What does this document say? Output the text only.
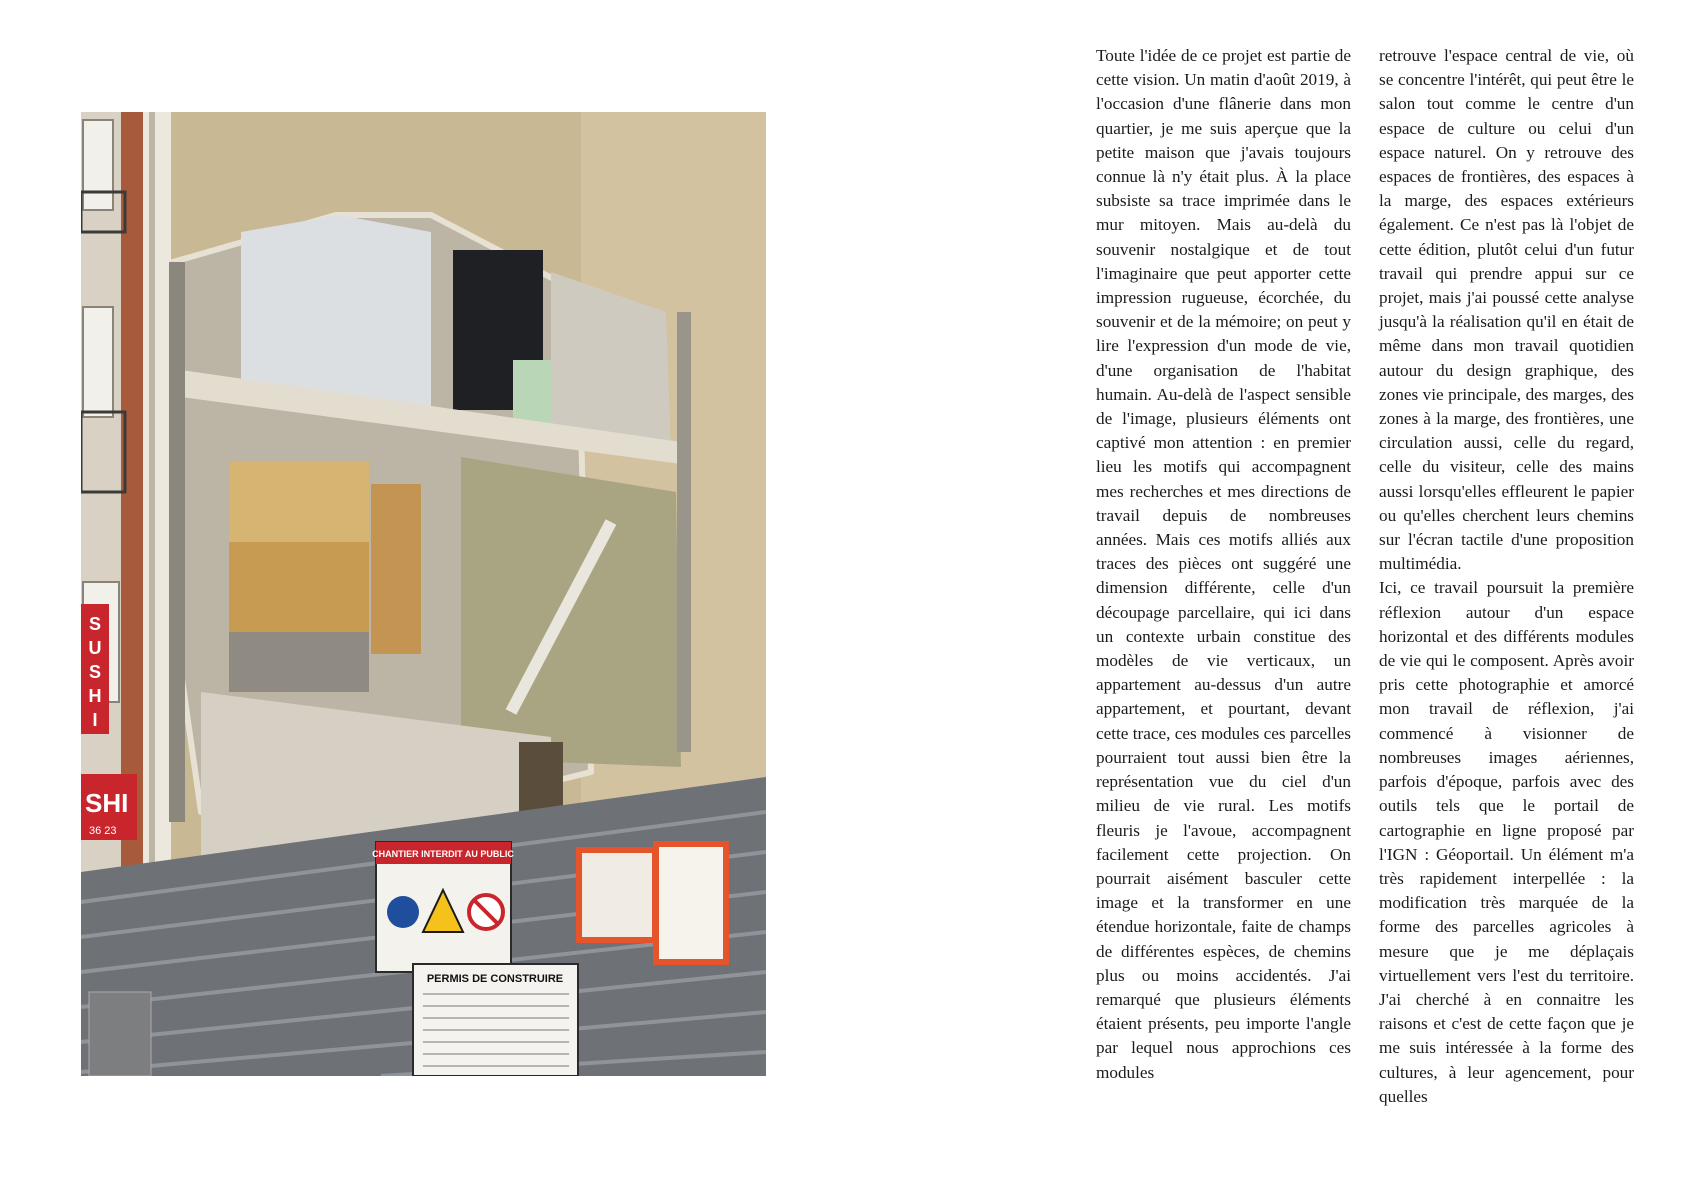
S
U
S
H
I
SHI
36 23
CHANTIER INTERDIT AU PUBLIC
PERMIS DE CONSTRUIRE

Toute l'idée de ce projet est partie de cette vision. Un matin d'août 2019, à l'occasion d'une flânerie dans mon quartier, je me suis aperçue que la petite maison que j'avais toujours connue là n'y était plus. À la place subsiste sa trace imprimée dans le mur mitoyen. Mais au-delà du souvenir nostalgique et de tout l'imaginaire que peut apporter cette impression rugueuse, écorchée, du souvenir et de la mémoire; on peut y lire l'expression d'un mode de vie, d'une organisation de l'habitat humain. Au-delà de l'aspect sensible de l'image, plusieurs éléments ont captivé mon attention : en premier lieu les motifs qui accompagnent mes recherches et mes directions de travail depuis de nombreuses années. Mais ces motifs alliés aux traces des pièces ont suggéré une dimension différente, celle d'un découpage parcellaire, qui ici dans un contexte urbain constitue des modèles de vie verticaux, un appartement au-dessus d'un autre appartement, et pourtant, devant cette trace, ces modules ces parcelles pourraient tout aussi bien être la représentation vue du ciel d'un milieu de vie rural. Les motifs fleuris je l'avoue, accompagnent facilement cette projection. On pourrait aisément basculer cette image et la transformer en une étendue horizontale, faite de champs de différentes espèces, de chemins plus ou moins accidentés. J'ai remarqué que plusieurs éléments étaient présents, peu importe l'angle par lequel nous approchions ces modules

retrouve l'espace central de vie, où se concentre l'intérêt, qui peut être le salon tout comme le centre d'un espace de culture ou celui d'un espace naturel. On y retrouve des espaces de frontières, des espaces à la marge, des espaces extérieurs également. Ce n'est pas là l'objet de cette édition, plutôt celui d'un futur travail qui prendre appui sur ce projet, mais j'ai poussé cette analyse jusqu'à la réalisation qu'il en était de même dans mon travail quotidien autour du design graphique, des zones vie principale, des marges, des zones à la marge, des frontières, une circulation aussi, celle du regard, celle du visiteur, celle des mains aussi lorsqu'elles effleurent le papier ou qu'elles cherchent leurs chemins sur l'écran tactile d'une proposition multimédia.

Ici, ce travail poursuit la première réflexion autour d'un espace horizontal et des différents modules de vie qui le composent. Après avoir pris cette photographie et amorcé mon travail de réflexion, j'ai commencé à visionner de nombreuses images aériennes, parfois d'époque, parfois avec des outils tels que le portail de cartographie en ligne proposé par l'IGN : Géoportail. Un élément m'a très rapidement interpellée : la modification très marquée de la forme des parcelles agricoles à mesure que je me déplaçais virtuellement vers l'est du territoire. J'ai cherché à en connaitre les raisons et c'est de cette façon que je me suis intéressée à la forme des cultures, à leur agencement, pour quelles
